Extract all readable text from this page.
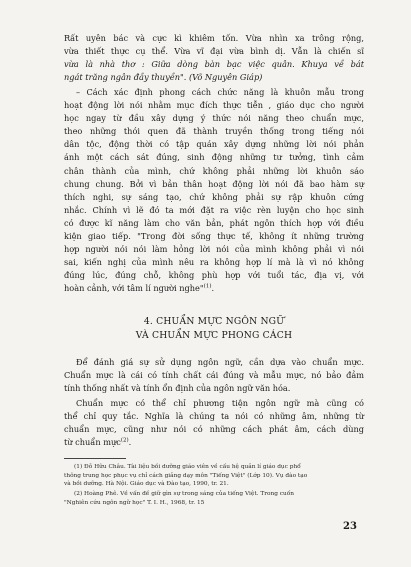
Rất uyên bác và cực kì khiêm tốn. Vừa nhìn xa trông rộng,
vừa thiết thực cụ thể. Vừa vĩ đại vừa bình dị. Vẫn là chiến sĩ
vừa là nhà thơ : Giữa dòng bàn bạc việc quân. Khuya về bát
ngát trăng ngân đầy thuyền". (Võ Nguyên Giáp)
– Cách xác định phong cách chức năng là khuôn mẫu trong
hoạt động lời nói nhằm mục đích thực tiễn , giáo dục cho người
học ngay từ đầu xây dựng ý thức nói năng theo chuẩn mực,
theo những thói quen đã thành truyền thống trong tiếng nói
dân tộc, động thời có tập quán xây dựng những lời nói phản
ánh một cách sát đúng, sinh động những tư tưởng, tình cảm
chân thành của mình, chứ không phải những lời khuôn sáo
chung chung. Bởi vì bản thân hoạt động lời nói đã bao hàm sự
thích nghi, sự sáng tạo, chứ không phải sự rập khuôn cứng
nhắc. Chính vì lẽ đó ta mới đặt ra việc rèn luyện cho học sinh
có được kĩ năng làm cho văn bản, phát ngôn thích hợp với điều
kiện giao tiếp. "Trong đời sống thực tế, không ít những trường
hợp người nói nói làm hỏng lời nói của mình không phải vì nói
sai, kiến nghị của mình nêu ra không hợp lí mà là vì nó không
đúng lúc, đúng chỗ, không phù hợp với tuổi tác, địa vị, với
hoàn cảnh, với tâm lí người nghe"$^{(1)}$.
4. CHUẨN MỰC NGÔN NGỮ
VÀ CHUẨN MỰC PHONG CÁCH
Để đánh giá sự sử dụng ngôn ngữ, cần dựa vào chuẩn mực.
Chuẩn mực là cái có tính chất cái đúng và mẫu mực, nó bảo đảm
tính thống nhất và tính ổn định của ngôn ngữ văn hóa.
Chuẩn mực có thể chỉ phương tiện ngôn ngữ mà cũng có
thể chỉ quy tắc. Nghĩa là chúng ta nói có những âm, những từ
chuẩn mực, cũng như nói có những cách phát âm, cách dùng
từ chuẩn mực$^{(2)}$.
(1) Đỗ Hữu Châu. Tài liệu bồi dưỡng giáo viên về cấu hệ quản lí giáo dục phổ
thông trung học phục vụ chỉ cách giảng dạy môn "Tiếng Việt" (Lớp 10). Vụ đào tạo
và bồi dưỡng. Hà Nội. Giáo dục và Đào tạo, 1990, tr. 21.
(2) Hoàng Phê. Về vấn đề giữ gìn sự trong sáng của tiếng Việt. Trong cuốn
"Nghiên cứu ngôn ngữ học" T. I. H., 1968, tr. 15
23
